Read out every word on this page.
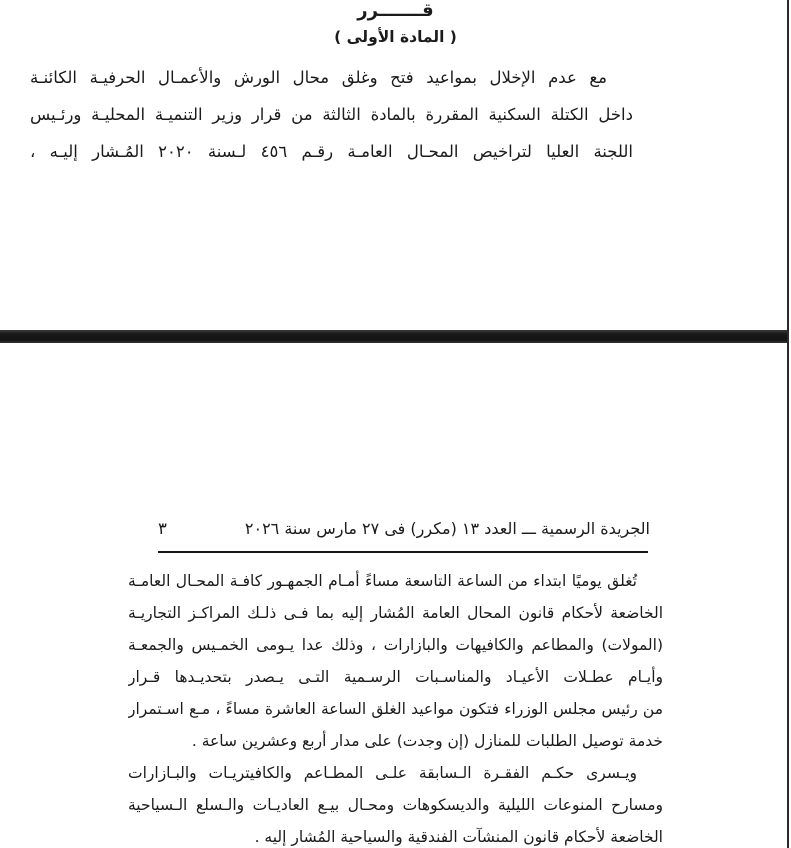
قـــــــرر
( المادة الأولى )
مع عدم الإخلال بمواعيد فتح وغلق محال الورش والأعمـال الحرفيـة الكائنـة
داخل الكتلة السكنية المقررة بالمادة الثالثة من قرار وزير التنميـة المحليـة ورئـيس
اللجنة العليا لتراخيص المحـال العامـة رقـم ٤٥٦ لـسنة ٢٠٢٠ المُـشار إليـه ،
الجريدة الرسمية ـــ العدد ١٣ (مكرر) فى ٢٧ مارس سنة ٢٠٢٦
٣
تُغلق يوميًا ابتداء من الساعة التاسعة مساءً أمـام الجمهـور كافـة المحـال العامـة
الخاضعة لأحكام قانون المحال العامة المُشار إليه بما فـى ذلـك المراكـز التجاريـة
(المولات) والمطاعم والكافيهات والبازارات ، وذلك عدا يـومى الخمـيس والجمعـة
وأيـام عطـلات الأعيـاد والمناسـبات الرسـمية التـى يـصدر بتحديـدها قـرار
من رئيس مجلس الوزراء فتكون مواعيد الغلق الساعة العاشرة مساءً ، مـع اسـتمرار
خدمة توصيل الطلبات للمنازل (إن وجدت) على مدار أربع وعشرين ساعة .
ويـسرى حكـم الفقـرة الـسابقة علـى المطـاعم والكافيتريـات والبـازارات
ومسارح المنوعات الليلية والديسكوهات ومحـال بيـع العاديـات والـسلع الـسياحية
الخاضعة لأحكام قانون المنشآت الفندقية والسياحية المُشار إليه .
